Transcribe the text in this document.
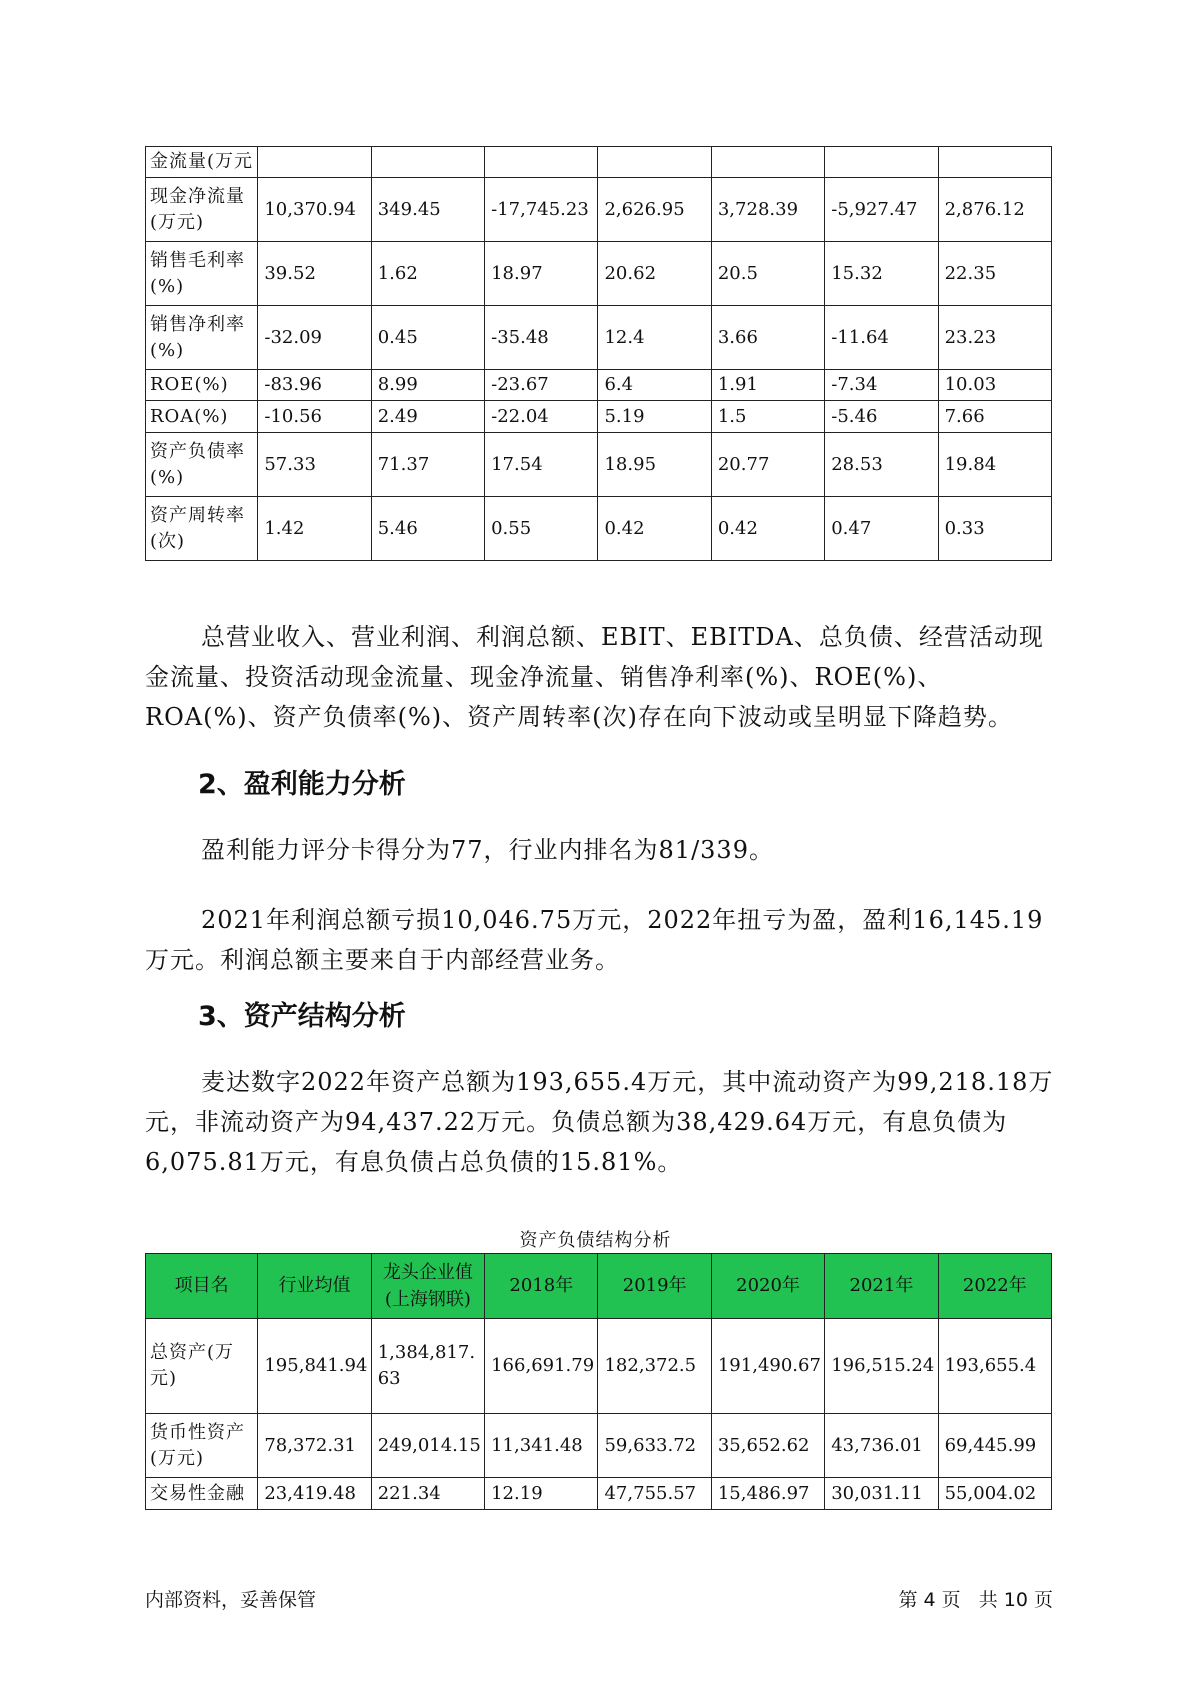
金流量(万元							
现金净流量(万元)	10,370.94	349.45	-17,745.23	2,626.95	3,728.39	-5,927.47	2,876.12
销售毛利率(%)	39.52	1.62	18.97	20.62	20.5	15.32	22.35
销售净利率(%)	-32.09	0.45	-35.48	12.4	3.66	-11.64	23.23
ROE(%)	-83.96	8.99	-23.67	6.4	1.91	-7.34	10.03
ROA(%)	-10.56	2.49	-22.04	5.19	1.5	-5.46	7.66
资产负债率(%)	57.33	71.37	17.54	18.95	20.77	28.53	19.84
资产周转率(次)	1.42	5.46	0.55	0.42	0.42	0.47	0.33

总营业收入、营业利润、利润总额、EBIT、EBITDA、总负债、经营活动现金流量、投资活动现金流量、现金净流量、销售净利率(%)、ROE(%)、ROA(%)、资产负债率(%)、资产周转率(次)存在向下波动或呈明显下降趋势。

2、盈利能力分析

盈利能力评分卡得分为77，行业内排名为81/339。

2021年利润总额亏损10,046.75万元，2022年扭亏为盈，盈利16,145.19万元。利润总额主要来自于内部经营业务。

3、资产结构分析

麦达数字2022年资产总额为193,655.4万元，其中流动资产为99,218.18万元，非流动资产为94,437.22万元。负债总额为38,429.64万元，有息负债为6,075.81万元，有息负债占总负债的15.81%。

资产负债结构分析

项目名	行业均值	龙头企业值(上海钢联)	2018年	2019年	2020年	2021年	2022年
总资产(万元)	195,841.94	1,384,817.63	166,691.79	182,372.5	191,490.67	196,515.24	193,655.4
货币性资产(万元)	78,372.31	249,014.15	11,341.48	59,633.72	35,652.62	43,736.01	69,445.99
交易性金融	23,419.48	221.34	12.19	47,755.57	15,486.97	30,031.11	55,004.02
内部资料，妥善保管	第 4 页   共 10 页
